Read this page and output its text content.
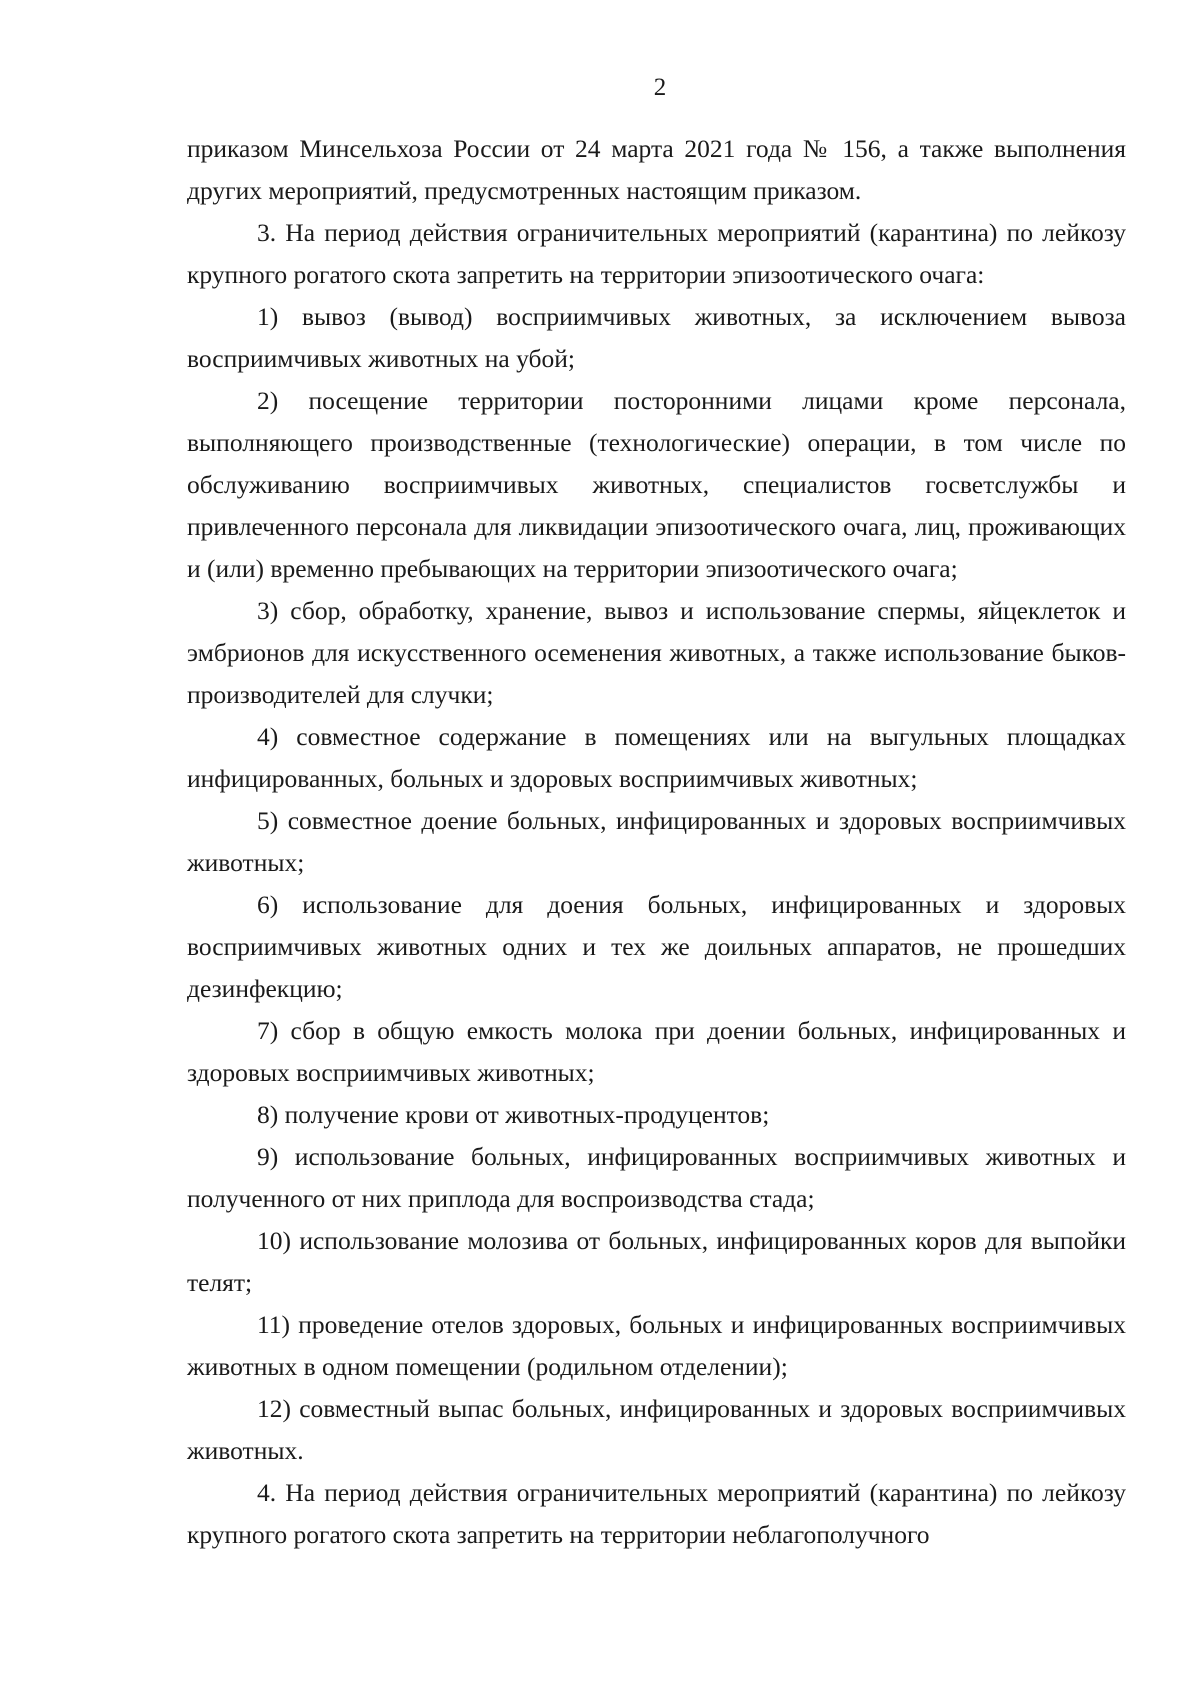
2

приказом Минсельхоза России от 24 марта 2021 года № 156, а также выполнения других мероприятий, предусмотренных настоящим приказом.

3. На период действия ограничительных мероприятий (карантина) по лейкозу крупного рогатого скота запретить на территории эпизоотического очага:

1) вывоз (вывод) восприимчивых животных, за исключением вывоза восприимчивых животных на убой;

2) посещение территории посторонними лицами кроме персонала, выполняющего производственные (технологические) операции, в том числе по обслуживанию восприимчивых животных, специалистов госветслужбы и привлеченного персонала для ликвидации эпизоотического очага, лиц, проживающих и (или) временно пребывающих на территории эпизоотического очага;

3) сбор, обработку, хранение, вывоз и использование спермы, яйцеклеток и эмбрионов для искусственного осеменения животных, а также использование быков-производителей для случки;

4) совместное содержание в помещениях или на выгульных площадках инфицированных, больных и здоровых восприимчивых животных;

5) совместное доение больных, инфицированных и здоровых восприимчивых животных;

6) использование для доения больных, инфицированных и здоровых восприимчивых животных одних и тех же доильных аппаратов, не прошедших дезинфекцию;

7) сбор в общую емкость молока при доении больных, инфицированных и здоровых восприимчивых животных;

8) получение крови от животных-продуцентов;

9) использование больных, инфицированных восприимчивых животных и полученного от них приплода для воспроизводства стада;

10) использование молозива от больных, инфицированных коров для выпойки телят;

11) проведение отелов здоровых, больных и инфицированных восприимчивых животных в одном помещении (родильном отделении);

12) совместный выпас больных, инфицированных и здоровых восприимчивых животных.

4. На период действия ограничительных мероприятий (карантина) по лейкозу крупного рогатого скота запретить на территории неблагополучного
